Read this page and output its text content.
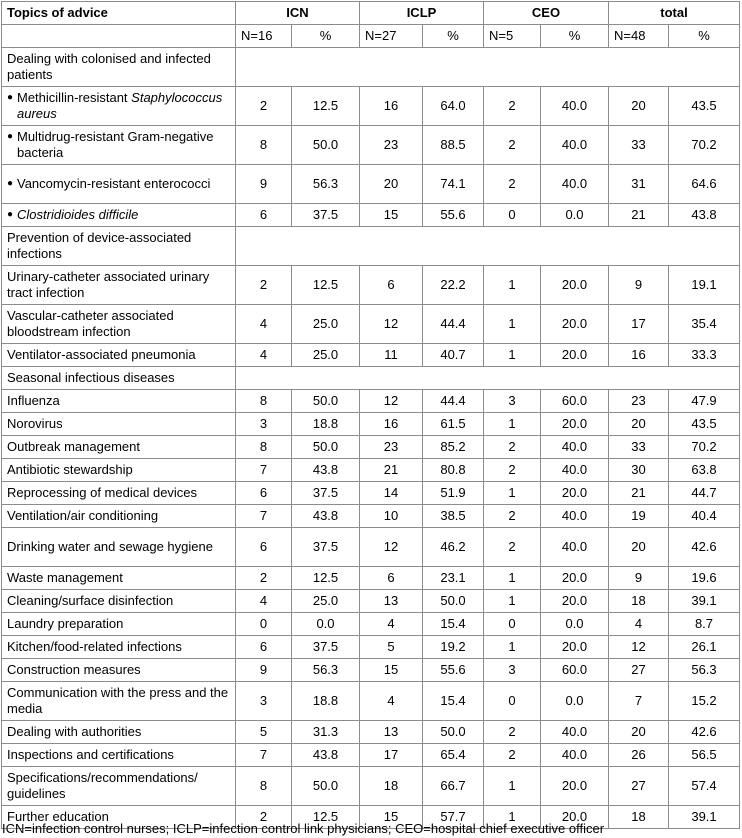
Topics of advice	ICN		ICLP		CEO		total	
	N=16	%	N=27	%	N=5	%	N=48	%
Dealing with colonised and infected patients								

● Methicillin-resistant Staphylococcus aureus	2	12.5	16	64.0	2	40.0	20	43.5

● Multidrug-resistant Gram-negative bacteria	8	50.0	23	88.5	2	40.0	33	70.2

● Vancomycin-resistant enterococci	9	56.3	20	74.1	2	40.0	31	64.6

● Clostridioides difficile	6	37.5	15	55.6	0	0.0	21	43.8
Prevention of device-associated infections								
Urinary-catheter associated urinary tract infection	2	12.5	6	22.2	1	20.0	9	19.1
Vascular-catheter associated bloodstream infection	4	25.0	12	44.4	1	20.0	17	35.4
Ventilator-associated pneumonia	4	25.0	11	40.7	1	20.0	16	33.3
Seasonal infectious diseases								
Influenza	8	50.0	12	44.4	3	60.0	23	47.9
Norovirus	3	18.8	16	61.5	1	20.0	20	43.5
Outbreak management	8	50.0	23	85.2	2	40.0	33	70.2
Antibiotic stewardship	7	43.8	21	80.8	2	40.0	30	63.8
Reprocessing of medical devices	6	37.5	14	51.9	1	20.0	21	44.7
Ventilation/air conditioning	7	43.8	10	38.5	2	40.0	19	40.4
Drinking water and sewage hygiene	6	37.5	12	46.2	2	40.0	20	42.6
Waste management	2	12.5	6	23.1	1	20.0	9	19.6
Cleaning/surface disinfection	4	25.0	13	50.0	1	20.0	18	39.1
Laundry preparation	0	0.0	4	15.4	0	0.0	4	8.7
Kitchen/food-related infections	6	37.5	5	19.2	1	20.0	12	26.1
Construction measures	9	56.3	15	55.6	3	60.0	27	56.3
Communication with the press and the media	3	18.8	4	15.4	0	0.0	7	15.2
Dealing with authorities	5	31.3	13	50.0	2	40.0	20	42.6
Inspections and certifications	7	43.8	17	65.4	2	40.0	26	56.5
Specifications/recommendations/ guidelines	8	50.0	18	66.7	1	20.0	27	57.4
Further education	2	12.5	15	57.7	1	20.0	18	39.1
ICN=infection control nurses; ICLP=infection control link physicians; CEO=hospital chief executive officer
